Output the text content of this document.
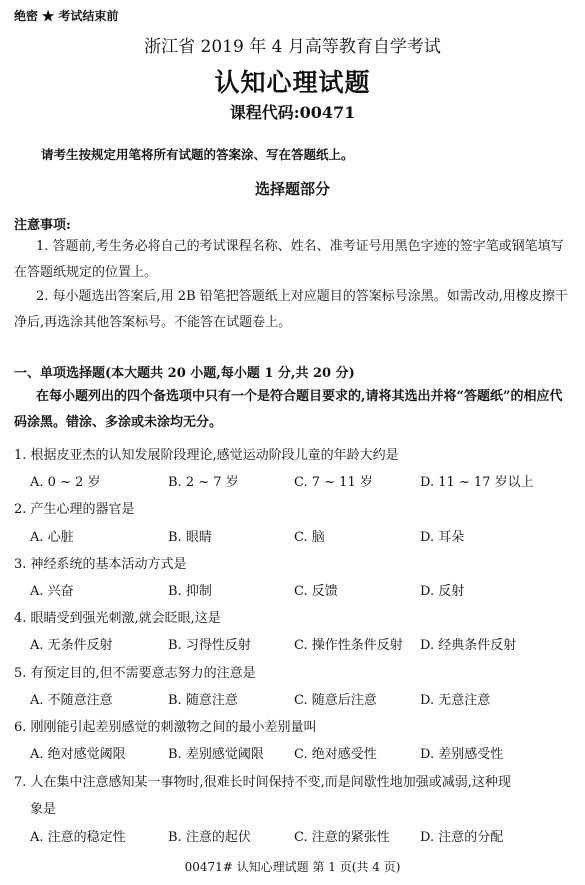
绝密 ★ 考试结束前
浙江省 2019 年 4 月高等教育自学考试
认知心理试题
课程代码:00471
请考生按规定用笔将所有试题的答案涂、写在答题纸上。
选择题部分
注意事项:
1. 答题前,考生务必将自己的考试课程名称、姓名、准考证号用黑色字迹的签字笔或钢笔填写在答题纸规定的位置上。
2. 每小题选出答案后,用 2B 铅笔把答题纸上对应题目的答案标号涂黑。如需改动,用橡皮擦干净后,再选涂其他答案标号。不能答在试题卷上。
一、单项选择题(本大题共 20 小题,每小题 1 分,共 20 分)
在每小题列出的四个备选项中只有一个是符合题目要求的,请将其选出并将“答题纸”的相应代码涂黑。错涂、多涂或未涂均无分。
1. 根据皮亚杰的认知发展阶段理论,感觉运动阶段儿童的年龄大约是
A. 0 ~ 2 岁	B. 2 ~ 7 岁	C. 7 ~ 11 岁	D. 11 ~ 17 岁以上
2. 产生心理的器官是
A. 心脏	B. 眼睛	C. 脑	D. 耳朵
3. 神经系统的基本活动方式是
A. 兴奋	B. 抑制	C. 反馈	D. 反射
4. 眼睛受到强光刺激,就会眨眼,这是
A. 无条件反射	B. 习得性反射	C. 操作性条件反射 D. 经典条件反射
5. 有预定目的,但不需要意志努力的注意是
A. 不随意注意	B. 随意注意	C. 随意后注意	D. 无意注意
6. 刚刚能引起差别感觉的刺激物之间的最小差别量叫
A. 绝对感觉阈限	B. 差别感觉阈限 C. 绝对感受性	D. 差别感受性
7. 人在集中注意感知某一事物时,很难长时间保持不变,而是间歇性地加强或减弱,这种现
象是
A. 注意的稳定性	B. 注意的起伏	C. 注意的紧张性 D. 注意的分配
00471# 认知心理试题 第 1 页(共 4 页)
